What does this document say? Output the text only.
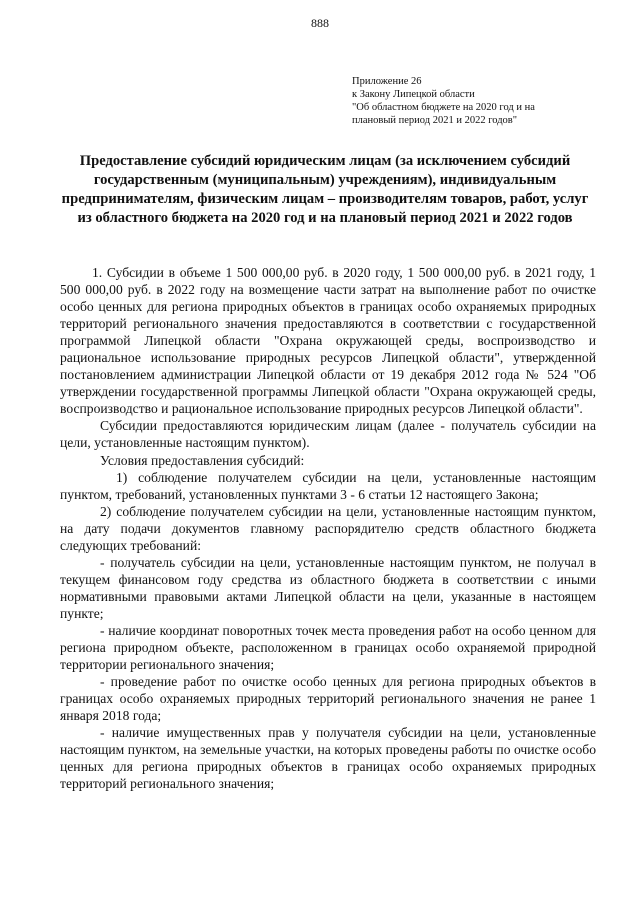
888
Приложение 26
к Закону Липецкой области
"Об областном бюджете на 2020 год и на
плановый период 2021 и 2022 годов"
Предоставление субсидий юридическим лицам (за исключением субсидий государственным (муниципальным) учреждениям), индивидуальным предпринимателям, физическим лицам – производителям товаров, работ, услуг из областного бюджета на 2020 год и на плановый период 2021 и 2022 годов

1. Субсидии в объеме 1 500 000,00 руб. в 2020 году, 1 500 000,00 руб. в 2021 году, 1 500 000,00 руб. в 2022 году на возмещение части затрат на выполнение работ по очистке особо ценных для региона природных объектов в границах особо охраняемых природных территорий регионального значения предоставляются в соответствии с государственной программой Липецкой области "Охрана окружающей среды, воспроизводство и рациональное использование природных ресурсов Липецкой области", утвержденной постановлением администрации Липецкой области от 19 декабря 2012 года № 524 "Об утверждении государственной программы Липецкой области "Охрана окружающей среды, воспроизводство и рациональное использование природных ресурсов Липецкой области".

Субсидии предоставляются юридическим лицам (далее - получатель субсидии на цели, установленные настоящим пунктом).

Условия предоставления субсидий:

1) соблюдение получателем субсидии на цели, установленные настоящим пунктом, требований, установленных пунктами 3 - 6 статьи 12 настоящего Закона;

2) соблюдение получателем субсидии на цели, установленные настоящим пунктом, на дату подачи документов главному распорядителю средств областного бюджета следующих требований:

- получатель субсидии на цели, установленные настоящим пунктом, не получал в текущем финансовом году средства из областного бюджета в соответствии с иными нормативными правовыми актами Липецкой области на цели, указанные в настоящем пункте;

- наличие координат поворотных точек места проведения работ на особо ценном для региона природном объекте, расположенном в границах особо охраняемой природной территории регионального значения;

- проведение работ по очистке особо ценных для региона природных объектов в границах особо охраняемых природных территорий регионального значения не ранее 1 января 2018 года;

- наличие имущественных прав у получателя субсидии на цели, установленные настоящим пунктом, на земельные участки, на которых проведены работы по очистке особо ценных для региона природных объектов в границах особо охраняемых природных территорий регионального значения;
